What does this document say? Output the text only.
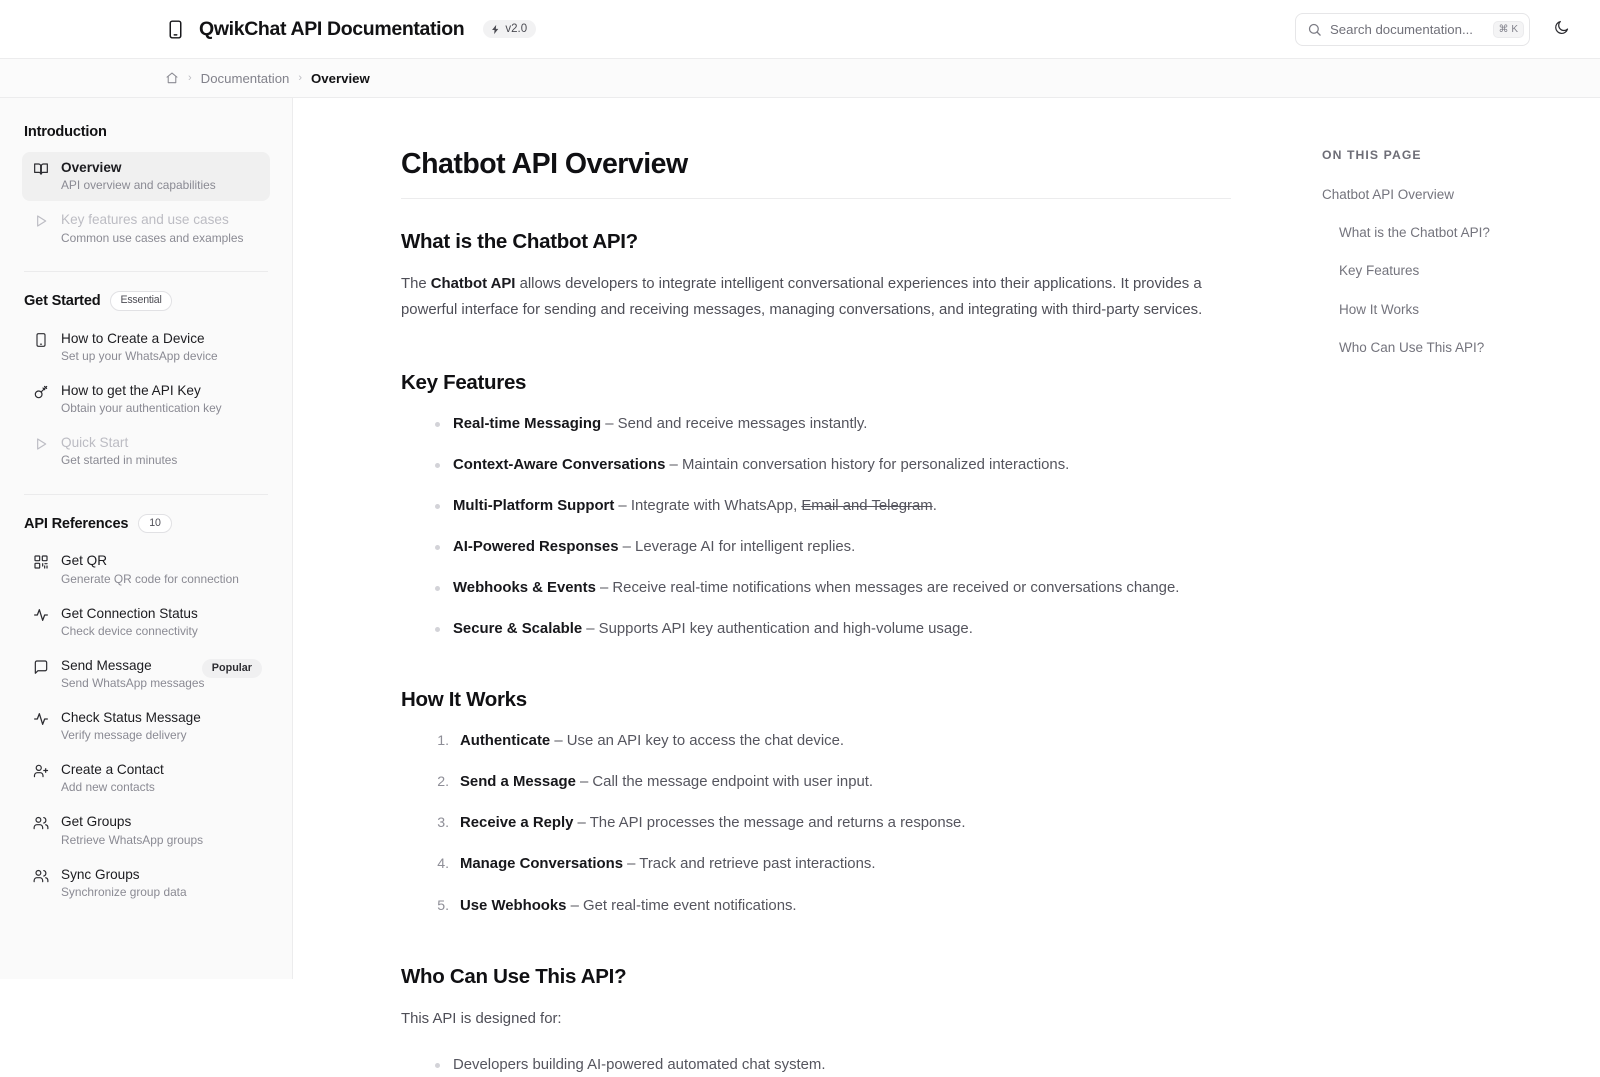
QwikChat API Documentation	v2.0
Search documentation...	⌘ K
› Documentation › Overview
Introduction
Overview
API overview and capabilities
Key features and use cases
Common use cases and examples
Get Started	Essential
How to Create a Device
Set up your WhatsApp device
How to get the API Key
Obtain your authentication key
Quick Start
Get started in minutes
API References	10
Get QR
Generate QR code for connection
Get Connection Status
Check device connectivity
Send Message
Send WhatsApp messages
Popular
Check Status Message
Verify message delivery
Create a Contact
Add new contacts
Get Groups
Retrieve WhatsApp groups
Sync Groups
Synchronize group data
Chatbot API Overview
What is the Chatbot API?

The Chatbot API allows developers to integrate intelligent conversational experiences into their applications. It provides a powerful interface for sending and receiving messages, managing conversations, and integrating with third-party services.

Key Features
Real-time Messaging – Send and receive messages instantly.
Context-Aware Conversations – Maintain conversation history for personalized interactions.
Multi-Platform Support – Integrate with WhatsApp, Email and Telegram.
AI-Powered Responses – Leverage AI for intelligent replies.
Webhooks & Events – Receive real-time notifications when messages are received or conversations change.
Secure & Scalable – Supports API key authentication and high-volume usage.
How It Works
1. Authenticate – Use an API key to access the chat device.
2. Send a Message – Call the message endpoint with user input.
3. Receive a Reply – The API processes the message and returns a response.
4. Manage Conversations – Track and retrieve past interactions.
5. Use Webhooks – Get real-time event notifications.
Who Can Use This API?

This API is designed for:

Developers building AI-powered automated chat system.
ON THIS PAGE
Chatbot API Overview
What is the Chatbot API?
Key Features
How It Works
Who Can Use This API?
